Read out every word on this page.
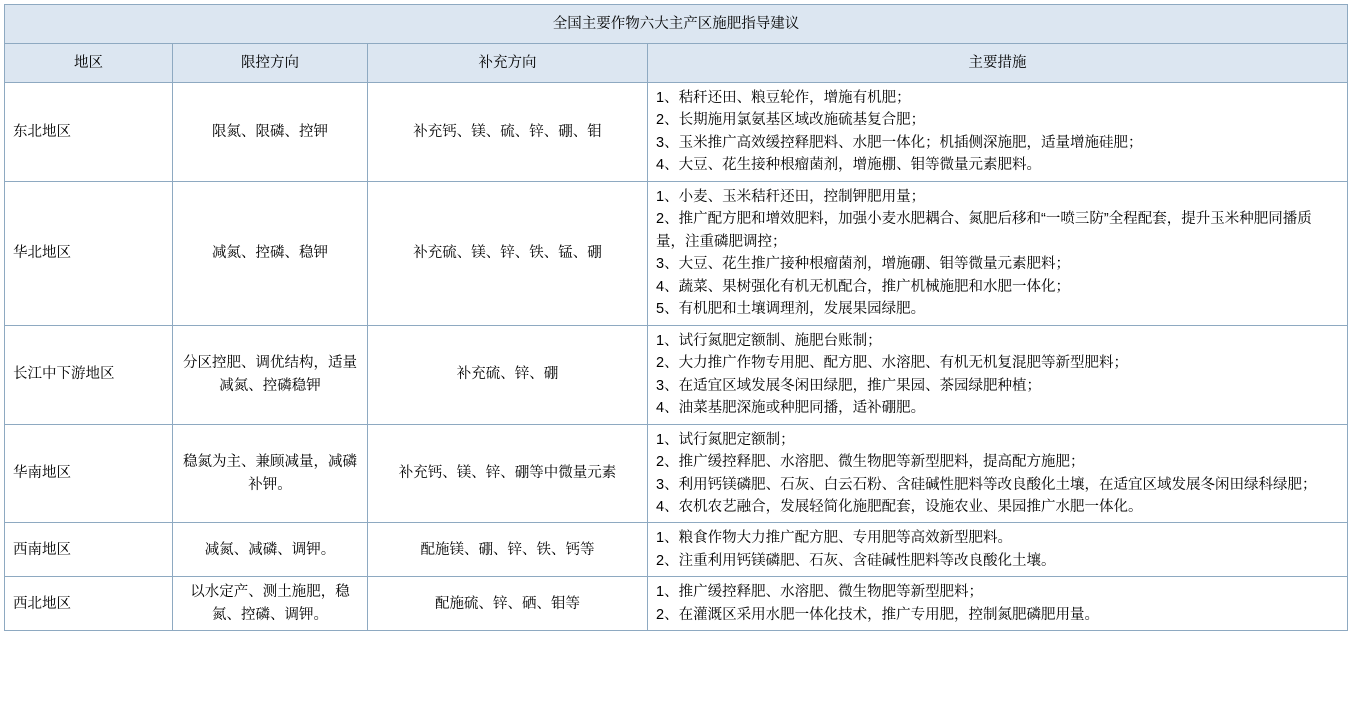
全国主要作物六大主产区施肥指导建议			
地区	限控方向	补充方向	主要措施
东北地区	限氮、限磷、控钾	补充钙、镁、硫、锌、硼、钼	1、秸秆还田、粮豆轮作，增施有机肥；
2、长期施用氯氨基区域改施硫基复合肥；
3、玉米推广高效缓控释肥料、水肥一体化；机插侧深施肥，适量增施硅肥；
4、大豆、花生接种根瘤菌剂，增施棚、钼等微量元素肥料。

华北地区	减氮、控磷、稳钾	补充硫、镁、锌、铁、锰、硼	1、小麦、玉米秸秆还田，控制钾肥用量；
2、推广配方肥和增效肥料，加强小麦水肥耦合、氮肥后移和“一喷三防”全程配套，提升玉米种肥同播质量，注重磷肥调控；
3、大豆、花生推广接种根瘤菌剂，增施硼、钼等微量元素肥料；
4、蔬菜、果树强化有机无机配合，推广机械施肥和水肥一体化；
5、有机肥和土壤调理剂，发展果园绿肥。

长江中下游地区	分区控肥、调优结构，适量减氮、控磷稳钾	补充硫、锌、硼	1、试行氮肥定额制、施肥台账制；
2、大力推广作物专用肥、配方肥、水溶肥、有机无机复混肥等新型肥料；
3、在适宜区域发展冬闲田绿肥，推广果园、茶园绿肥种植；
4、油菜基肥深施或种肥同播，适补硼肥。

华南地区	稳氮为主、兼顾减量，减磷补钾。	补充钙、镁、锌、硼等中微量元素	1、试行氮肥定额制；
2、推广缓控释肥、水溶肥、微生物肥等新型肥料，提高配方施肥；
3、利用钙镁磷肥、石灰、白云石粉、含硅碱性肥料等改良酸化土壤，在适宜区域发展冬闲田绿科绿肥；
4、农机农艺融合，发展轻简化施肥配套，设施农业、果园推广水肥一体化。

西南地区	减氮、减磷、调钾。	配施镁、硼、锌、铁、钙等	1、粮食作物大力推广配方肥、专用肥等高效新型肥料。
2、注重利用钙镁磷肥、石灰、含硅碱性肥料等改良酸化土壤。

西北地区	以水定产、测土施肥，稳氮、控磷、调钾。	配施硫、锌、硒、钼等	1、推广缓控释肥、水溶肥、微生物肥等新型肥料；
2、在灌溉区采用水肥一体化技术，推广专用肥，控制氮肥磷肥用量。
